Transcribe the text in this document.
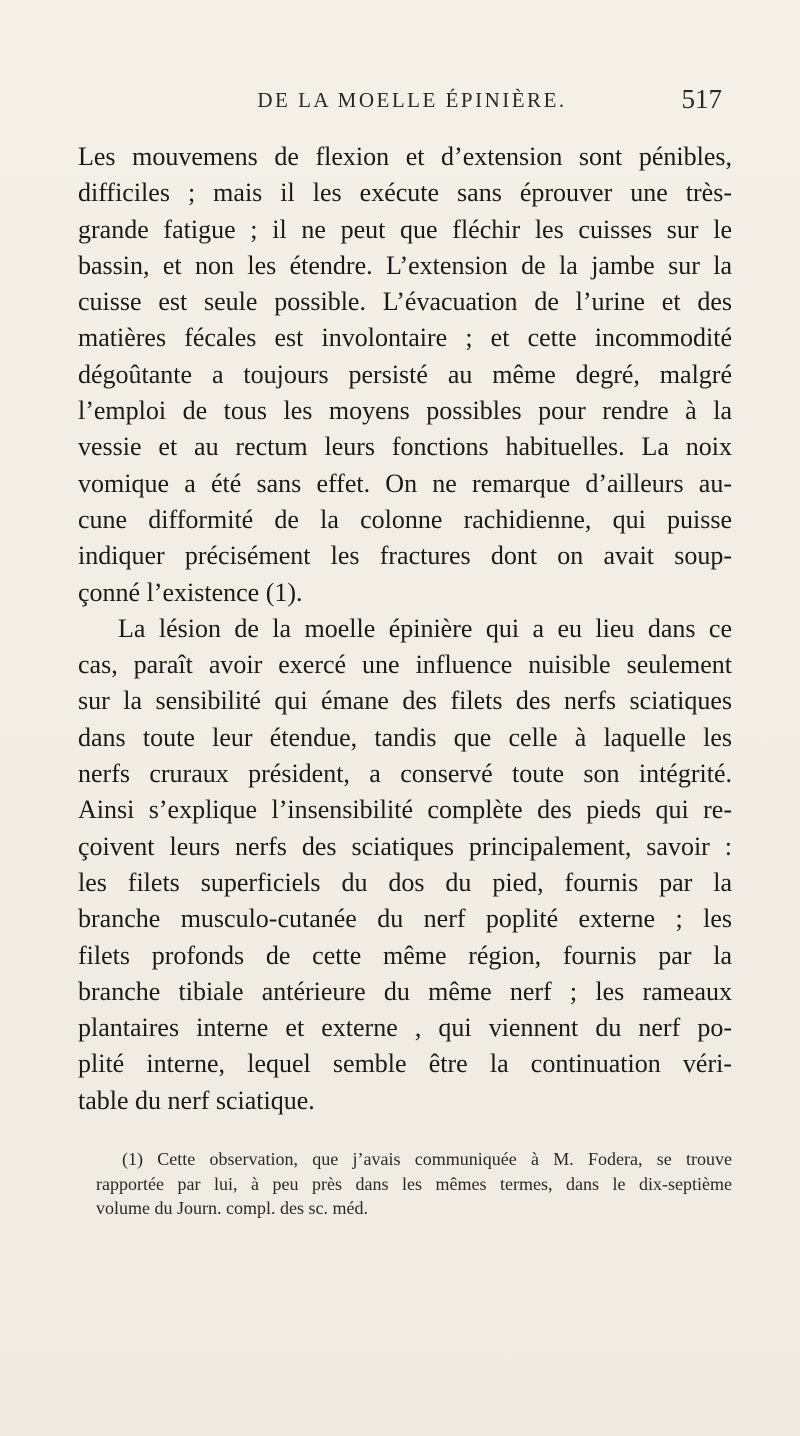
DE LA MOELLE ÉPINIÈRE.	517

Les mouvemens de flexion et d’extension sont pénibles,
difficiles ; mais il les exécute sans éprouver une très-
grande fatigue ; il ne peut que fléchir les cuisses sur le
bassin, et non les étendre. L’extension de la jambe sur la
cuisse est seule possible. L’évacuation de l’urine et des
matières fécales est involontaire ; et cette incommodité
dégoûtante a toujours persisté au même degré, malgré
l’emploi de tous les moyens possibles pour rendre à la
vessie et au rectum leurs fonctions habituelles. La noix
vomique a été sans effet. On ne remarque d’ailleurs au-
cune difformité de la colonne rachidienne, qui puisse
indiquer précisément les fractures dont on avait soup-
çonné l’existence (1).

La lésion de la moelle épinière qui a eu lieu dans ce
cas, paraît avoir exercé une influence nuisible seulement
sur la sensibilité qui émane des filets des nerfs sciatiques
dans toute leur étendue, tandis que celle à laquelle les
nerfs cruraux président, a conservé toute son intégrité.
Ainsi s’explique l’insensibilité complète des pieds qui re-
çoivent leurs nerfs des sciatiques principalement, savoir :
les filets superficiels du dos du pied, fournis par la
branche musculo-cutanée du nerf poplité externe ; les
filets profonds de cette même région, fournis par la
branche tibiale antérieure du même nerf ; les rameaux
plantaires interne et externe , qui viennent du nerf po-
plité interne, lequel semble être la continuation véri-
table du nerf sciatique.

(1) Cette observation, que j’avais communiquée à M. Fodera, se trouve
rapportée par lui, à peu près dans les mêmes termes, dans le dix-septième
volume du Journ. compl. des sc. méd.
